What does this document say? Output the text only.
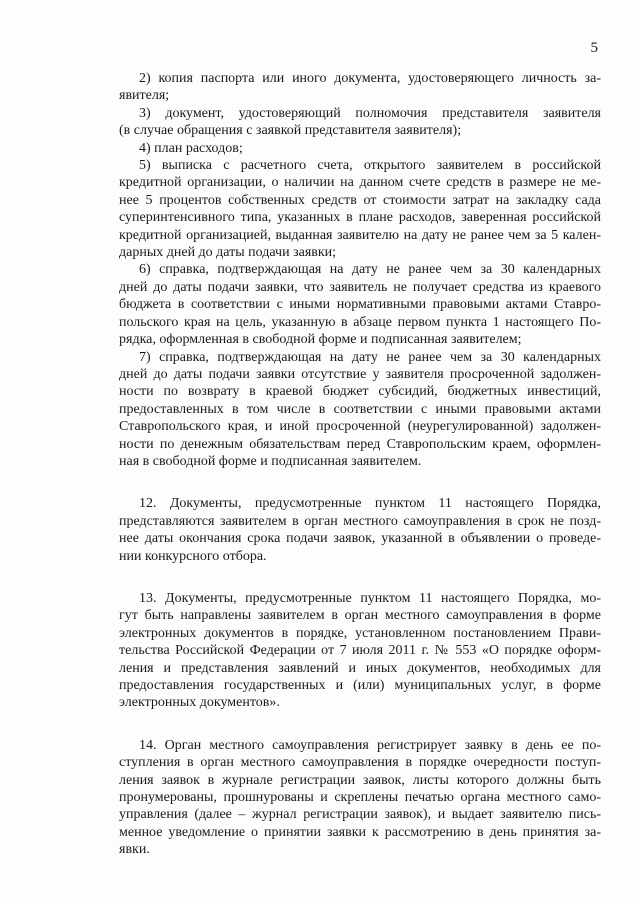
5

2) копия паспорта или иного документа, удостоверяющего личность за-
явителя;

3) документ, удостоверяющий полномочия представителя заявителя
(в случае обращения с заявкой представителя заявителя);

4) план расходов;

5) выписка с расчетного счета, открытого заявителем в российской
кредитной организации, о наличии на данном счете средств в размере не ме-
нее 5 процентов собственных средств от стоимости затрат на закладку сада
суперинтенсивного типа, указанных в плане расходов, заверенная российской
кредитной организацией, выданная заявителю на дату не ранее чем за 5 кален-
дарных дней до даты подачи заявки;

6) справка, подтверждающая на дату не ранее чем за 30 календарных
дней до даты подачи заявки, что заявитель не получает средства из краевого
бюджета в соответствии с иными нормативными правовыми актами Ставро-
польского края на цель, указанную в абзаце первом пункта 1 настоящего По-
рядка, оформленная в свободной форме и подписанная заявителем;

7) справка, подтверждающая на дату не ранее чем за 30 календарных
дней до даты подачи заявки отсутствие у заявителя просроченной задолжен-
ности по возврату в краевой бюджет субсидий, бюджетных инвестиций,
предоставленных в том числе в соответствии с иными правовыми актами
Ставропольского края, и иной просроченной (неурегулированной) задолжен-
ности по денежным обязательствам перед Ставропольским краем, оформлен-
ная в свободной форме и подписанная заявителем.

12. Документы, предусмотренные пунктом 11 настоящего Порядка,
представляются заявителем в орган местного самоуправления в срок не позд-
нее даты окончания срока подачи заявок, указанной в объявлении о проведе-
нии конкурсного отбора.

13. Документы, предусмотренные пунктом 11 настоящего Порядка, мо-
гут быть направлены заявителем в орган местного самоуправления в форме
электронных документов в порядке, установленном постановлением Прави-
тельства Российской Федерации от 7 июля 2011 г. № 553 «О порядке оформ-
ления и представления заявлений и иных документов, необходимых для
предоставления государственных и (или) муниципальных услуг, в форме
электронных документов».

14. Орган местного самоуправления регистрирует заявку в день ее по-
ступления в орган местного самоуправления в порядке очередности поступ-
ления заявок в журнале регистрации заявок, листы которого должны быть
пронумерованы, прошнурованы и скреплены печатью органа местного само-
управления (далее – журнал регистрации заявок), и выдает заявителю пись-
менное уведомление о принятии заявки к рассмотрению в день принятия за-
явки.
